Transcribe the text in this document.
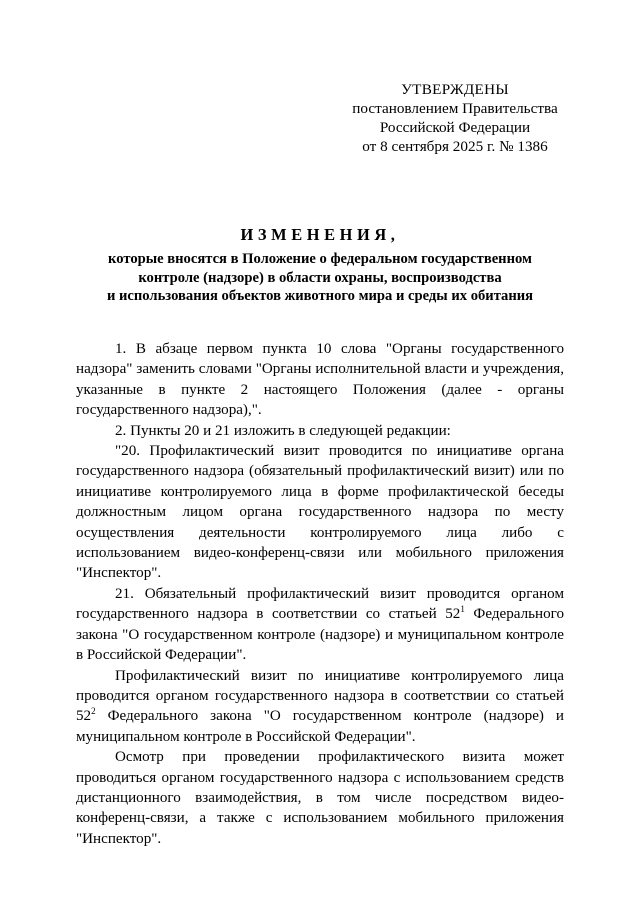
УТВЕРЖДЕНЫ
постановлением Правительства
Российской Федерации
от 8 сентября 2025 г. № 1386
ИЗМЕНЕНИЯ,
которые вносятся в Положение о федеральном государственном
контроле (надзоре) в области охраны, воспроизводства
и использования объектов животного мира и среды их обитания

1. В абзаце первом пункта 10 слова "Органы государственного надзора" заменить словами "Органы исполнительной власти и учреждения, указанные в пункте 2 настоящего Положения (далее - органы государственного надзора),".

2. Пункты 20 и 21 изложить в следующей редакции:

"20. Профилактический визит проводится по инициативе органа государственного надзора (обязательный профилактический визит) или по инициативе контролируемого лица в форме профилактической беседы должностным лицом органа государственного надзора по месту осуществления деятельности контролируемого лица либо с использованием видео-конференц-связи или мобильного приложения "Инспектор".

21. Обязательный профилактический визит проводится органом государственного надзора в соответствии со статьей $52^1$ Федерального закона "О государственном контроле (надзоре) и муниципальном контроле в Российской Федерации".

Профилактический визит по инициативе контролируемого лица проводится органом государственного надзора в соответствии со статьей $52^2$ Федерального закона "О государственном контроле (надзоре) и муниципальном контроле в Российской Федерации".

Осмотр при проведении профилактического визита может проводиться органом государственного надзора с использованием средств дистанционного взаимодействия, в том числе посредством видео-конференц-связи, а также с использованием мобильного приложения "Инспектор".
